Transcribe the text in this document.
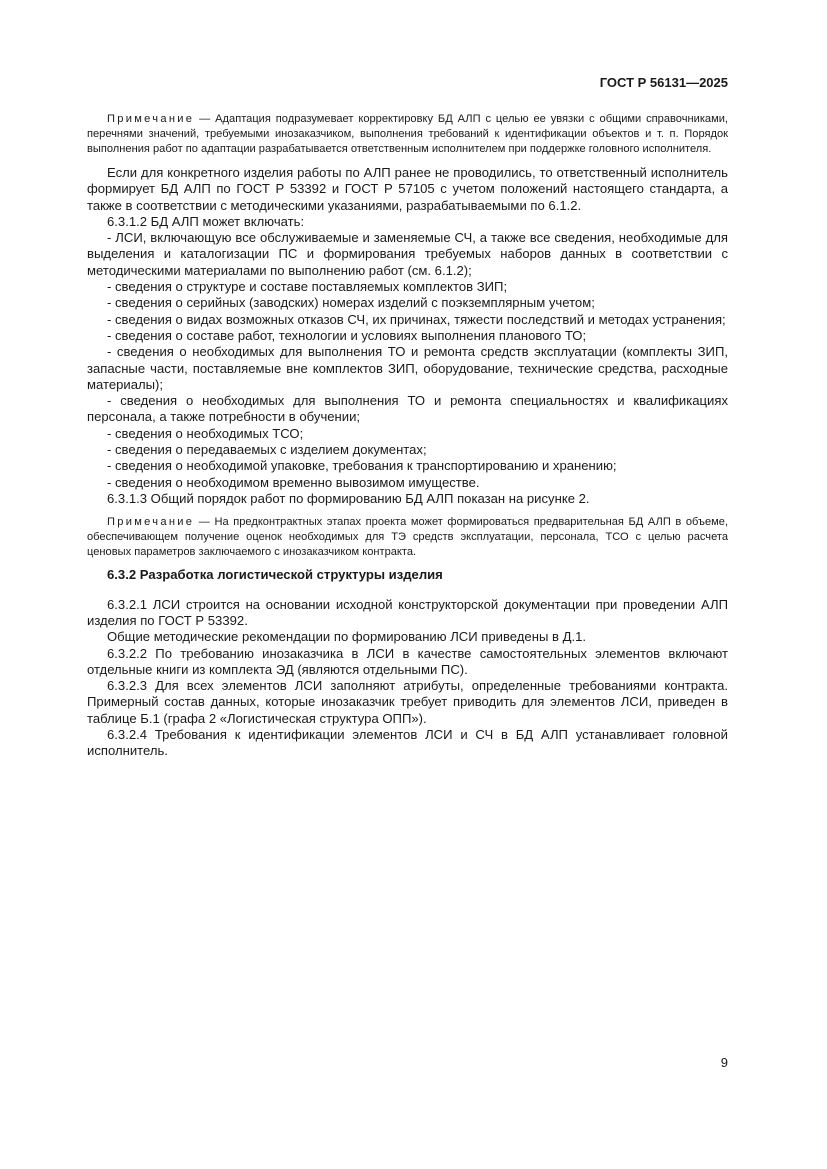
ГОСТ Р 56131—2025

Примечание — Адаптация подразумевает корректировку БД АЛП с целью ее увязки с общими справочниками, перечнями значений, требуемыми инозаказчиком, выполнения требований к идентификации объектов и т. п. Порядок выполнения работ по адаптации разрабатывается ответственным исполнителем при поддержке головного исполнителя.

Если для конкретного изделия работы по АЛП ранее не проводились, то ответственный исполнитель формирует БД АЛП по ГОСТ Р 53392 и ГОСТ Р 57105 с учетом положений настоящего стандарта, а также в соответствии с методическими указаниями, разрабатываемыми по 6.1.2.

6.3.1.2 БД АЛП может включать:

- ЛСИ, включающую все обслуживаемые и заменяемые СЧ, а также все сведения, необходимые для выделения и каталогизации ПС и формирования требуемых наборов данных в соответствии с методическими материалами по выполнению работ (см. 6.1.2);

- сведения о структуре и составе поставляемых комплектов ЗИП;

- сведения о серийных (заводских) номерах изделий с поэкземплярным учетом;

- сведения о видах возможных отказов СЧ, их причинах, тяжести последствий и методах устранения;

- сведения о составе работ, технологии и условиях выполнения планового ТО;

- сведения о необходимых для выполнения ТО и ремонта средств эксплуатации (комплекты ЗИП, запасные части, поставляемые вне комплектов ЗИП, оборудование, технические средства, расходные материалы);

- сведения о необходимых для выполнения ТО и ремонта специальностях и квалификациях персонала, а также потребности в обучении;

- сведения о необходимых ТСО;

- сведения о передаваемых с изделием документах;

- сведения о необходимой упаковке, требования к транспортированию и хранению;

- сведения о необходимом временно вывозимом имуществе.

6.3.1.3 Общий порядок работ по формированию БД АЛП показан на рисунке 2.

Примечание — На предконтрактных этапах проекта может формироваться предварительная БД АЛП в объеме, обеспечивающем получение оценок необходимых для ТЭ средств эксплуатации, персонала, ТСО с целью расчета ценовых параметров заключаемого с инозаказчиком контракта.

6.3.2 Разработка логистической структуры изделия

6.3.2.1 ЛСИ строится на основании исходной конструкторской документации при проведении АЛП изделия по ГОСТ Р 53392.

Общие методические рекомендации по формированию ЛСИ приведены в Д.1.

6.3.2.2 По требованию инозаказчика в ЛСИ в качестве самостоятельных элементов включают отдельные книги из комплекта ЭД (являются отдельными ПС).

6.3.2.3 Для всех элементов ЛСИ заполняют атрибуты, определенные требованиями контракта. Примерный состав данных, которые инозаказчик требует приводить для элементов ЛСИ, приведен в таблице Б.1 (графа 2 «Логистическая структура ОПП»).

6.3.2.4 Требования к идентификации элементов ЛСИ и СЧ в БД АЛП устанавливает головной исполнитель.

9
